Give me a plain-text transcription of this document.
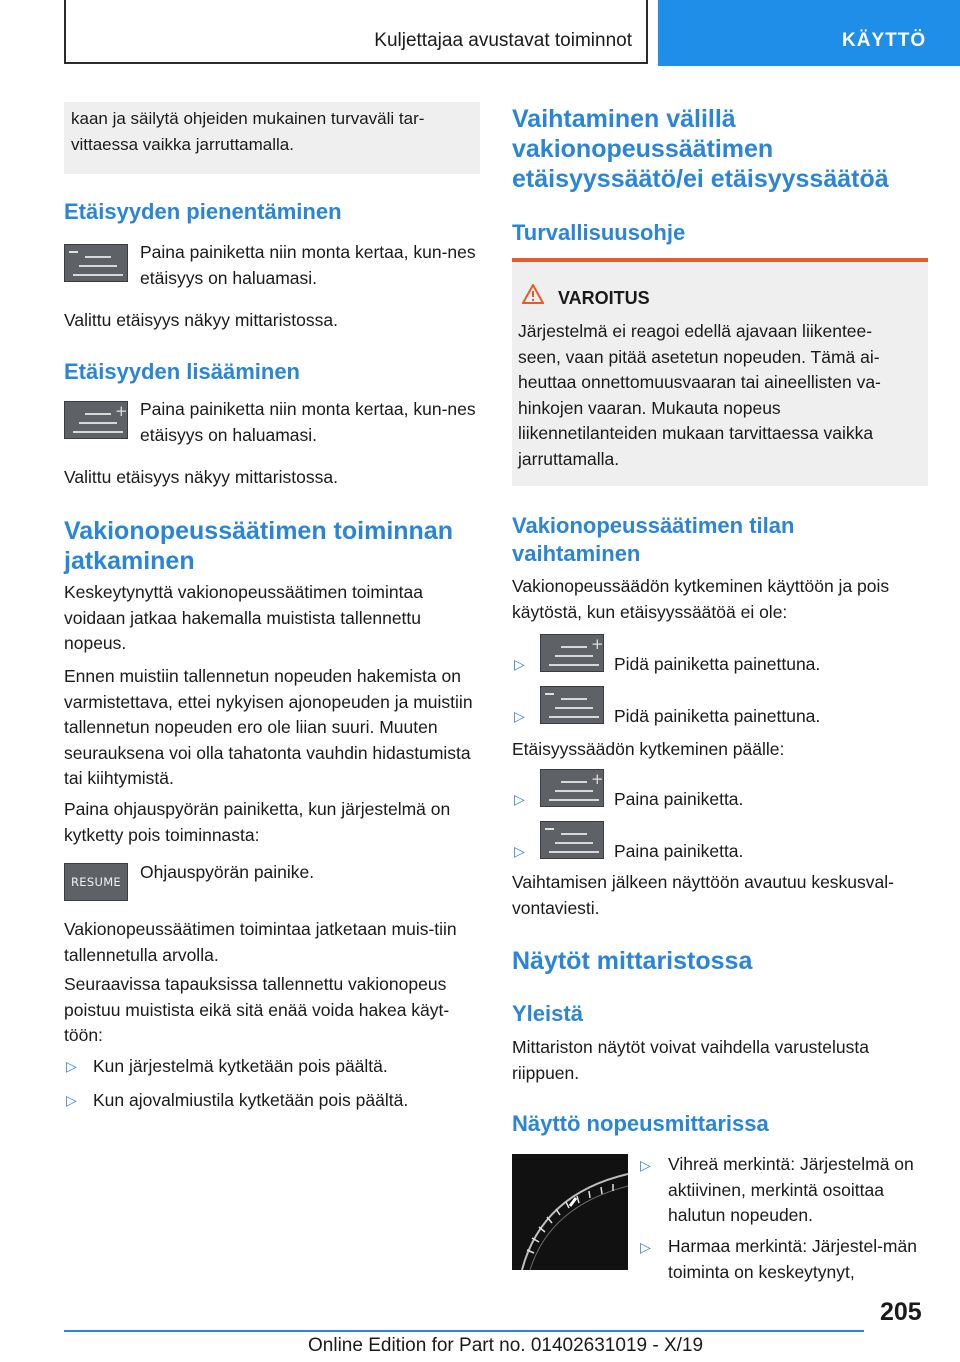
Kuljettajaa avustavat toiminnot	KÄYTTÖ
kaan ja säilytä ohjeiden mukainen turvaväli tar-vittaessa vaikka jarruttamalla.
Etäisyyden pienentäminen
Paina painiketta niin monta kertaa, kun-nes etäisyys on haluamasi.
Valittu etäisyys näkyy mittaristossa.
Etäisyyden lisääminen
+ Paina painiketta niin monta kertaa, kun-nes etäisyys on haluamasi.
Valittu etäisyys näkyy mittaristossa.
Vakionopeussäätimen toiminnan jatkaminen
Keskeytynyttä vakionopeussäätimen toimintaa voidaan jatkaa hakemalla muistista tallennettu nopeus.
Ennen muistiin tallennetun nopeuden hakemista on varmistettava, ettei nykyisen ajonopeuden ja muistiin tallennetun nopeuden ero ole liian suuri. Muuten seurauksena voi olla tahatonta vauhdin hidastumista tai kiihtymistä.
Paina ohjauspyörän painiketta, kun järjestelmä on kytketty pois toiminnasta:
RESUME	Ohjauspyörän painike.
Vakionopeussäätimen toimintaa jatketaan muis-tiin tallennetulla arvolla.
Seuraavissa tapauksissa tallennettu vakionopeus poistuu muistista eikä sitä enää voida hakea käyt-töön:
▷ Kun järjestelmä kytketään pois päältä.
▷ Kun ajovalmiustila kytketään pois päältä.
Vaihtaminen välillä vakionopeussäätimen etäisyyssäätö/ei etäisyyssäätöä
Turvallisuusohje
VAROITUS
Järjestelmä ei reagoi edellä ajavaan liikentee-seen, vaan pitää asetetun nopeuden. Tämä ai-heuttaa onnettomuusvaaran tai aineellisten va-hinkojen vaaran. Mukauta nopeus liikennetilanteiden mukaan tarvittaessa vaikka jarruttamalla.
Vakionopeussäätimen tilan vaihtaminen
Vakionopeussäädön kytkeminen käyttöön ja pois käytöstä, kun etäisyyssäätöä ei ole:
▷
+
Pidä painiketta painettuna.
▷	Pidä painiketta painettuna.
Etäisyyssäädön kytkeminen päälle:
▷
+
Paina painiketta.
▷	Paina painiketta.
Vaihtamisen jälkeen näyttöön avautuu keskusval-vontaviesti.
Näytöt mittaristossa
Yleistä
Mittariston näytöt voivat vaihdella varustelusta riippuen.
Näyttö nopeusmittarissa
▷ Vihreä merkintä: Järjestelmä on aktiivinen, merkintä osoittaa halutun nopeuden.
▷ Harmaa merkintä: Järjestel-män toiminta on keskeytynyt,
205
Online Edition for Part no. 01402631019 - X/19
